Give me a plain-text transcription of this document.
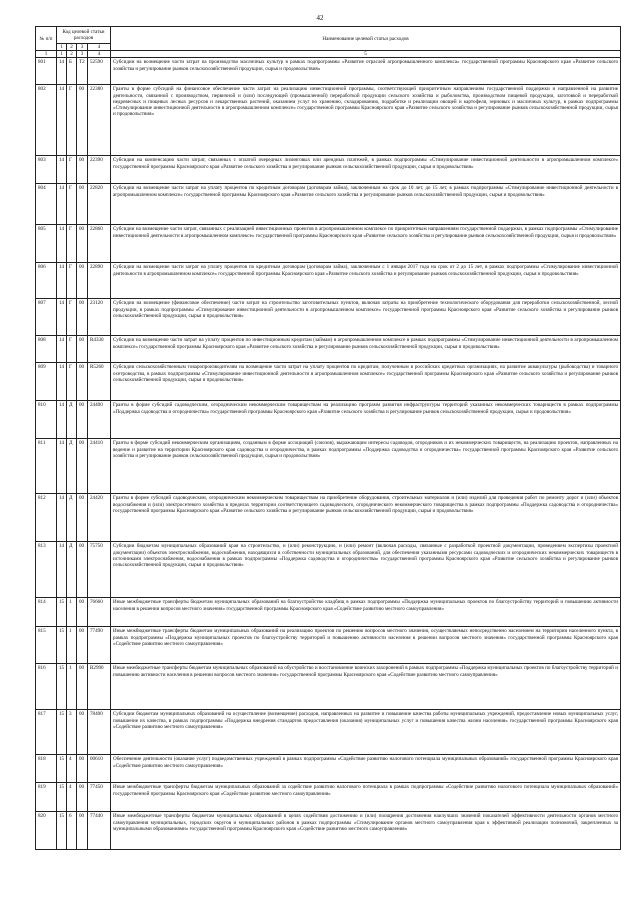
42
№ п/п	Код целевой статьи расходов				Наименование целевой статьи расходов
	1	2	3	4	
1	1	2	3	4	5
801	14	Б	Т2	52590	Субсидии на возмещение части затрат на производство масличных культур в рамках подпрограммы «Развитие отраслей агропромышленного комплекса» государственной программы Красноярского края «Развитие сельского хозяйства и регулирование рынков сельскохозяйственной продукции, сырья и продовольствия»
802	14	Г	00	22380	Гранты в форме субсидий на финансовое обеспечение части затрат на реализацию инвестиционной программы, соответствующей приоритетным направлениям государственной поддержки и направленной на развитие деятельности, связанной с производством, первичной и (или) последующей (промышленной) переработкой продукции сельского хозяйства и рыболовства, производством пищевой продукции, заготовкой и переработкой недревесных и пищевых лесных ресурсов и лекарственных растений, оказанием услуг по хранению, складированию, подработке и реализации овощей и картофеля, зерновых и масличных культур, в рамках подпрограммы «Стимулирование инвестиционной деятельности в агропромышленном комплексе» государственной программы Красноярского края «Развитие сельского хозяйства и регулирование рынков сельскохозяйственной продукции, сырья и продовольствия»
803	14	Г	00	22390	Субсидии на компенсацию части затрат, связанных с оплатой очередных лизинговых или арендных платежей, в рамках подпрограммы «Стимулирование инвестиционной деятельности в агропромышленном комплексе» государственной программы Красноярского края «Развитие сельского хозяйства и регулирование рынков сельскохозяйственной продукции, сырья и продовольствия»
804	14	Г	00	22820	Субсидии на возмещение части затрат на уплату процентов по кредитным договорам (договорам займа), заключенным на срок до 10 лет, до 15 лет, в рамках подпрограммы «Стимулирование инвестиционной деятельности в агропромышленном комплексе» государственной программы Красноярского края «Развитие сельского хозяйства и регулирование рынков сельскохозяйственной продукции, сырья и продовольствия»
805	14	Г	00	22860	Субсидии на возмещение части затрат, связанных с реализацией инвестиционных проектов в агропромышленном комплексе по приоритетным направлениям государственной поддержки, в рамках подпрограммы «Стимулирование инвестиционной деятельности в агропромышленном комплексе» государственной программы Красноярского края «Развитие сельского хозяйства и регулирование рынков сельскохозяйственной продукции, сырья и продовольствия»
806	14	Г	00	22890	Субсидии на возмещение части затрат на уплату процентов по кредитным договорам (договорам займа), заключенным с 1 января 2017 года на срок от 2 до 15 лет, в рамках подпрограммы «Стимулирование инвестиционной деятельности в агропромышленном комплексе» государственной программы Красноярского края «Развитие сельского хозяйства и регулирование рынков сельскохозяйственной продукции, сырья и продовольствия»
807	14	Г	00	23120	Субсидии на возмещение (финансовое обеспечение) части затрат на строительство заготовительных пунктов, включая затраты на приобретение технологического оборудования для переработки сельскохозяйственной, лесной продукции, в рамках подпрограммы «Стимулирование инвестиционной деятельности в агропромышленном комплексе» государственной программы Красноярского края «Развитие сельского хозяйства и регулирование рынков сельскохозяйственной продукции, сырья и продовольствия»
808	14	Г	00	R4330	Субсидии на возмещение части затрат на уплату процентов по инвестиционным кредитам (займам) в агропромышленном комплексе в рамках подпрограммы «Стимулирование инвестиционной деятельности в агропромышленном комплексе» государственной программы Красноярского края «Развитие сельского хозяйства и регулирование рынков сельскохозяйственной продукции, сырья и продовольствия»
809	14	Г	00	R5260	Субсидии сельскохозяйственным товаропроизводителям на возмещение части затрат на уплату процентов по кредитам, полученным в российских кредитных организациях, на развитие аквакультуры (рыбоводства) и товарного осетроводства, в рамках подпрограммы «Стимулирование инвестиционной деятельности в агропромышленном комплексе» государственной программы Красноярского края «Развитие сельского хозяйства и регулирование рынков сельскохозяйственной продукции, сырья и продовольствия»
810	14	Д	00	24400	Гранты в форме субсидий садоводческим, огородническим некоммерческим товариществам на реализацию программ развития инфраструктуры территорий указанных некоммерческих товариществ в рамках подпрограммы «Поддержка садоводства и огородничества» государственной программы Красноярского края «Развитие сельского хозяйства и регулирование рынков сельскохозяйственной продукции, сырья и продовольствия»
811	14	Д	00	24410	Гранты в форме субсидий некоммерческим организациям, созданным в форме ассоциаций (союзов), выражающим интересы садоводов, огородников и их некоммерческих товариществ, на реализацию проектов, направленных на ведение и развитие на территории Красноярского края садоводства и огородничества, в рамках подпрограммы «Поддержка садоводства и огородничества» государственной программы Красноярского края «Развитие сельского хозяйства и регулирование рынков сельскохозяйственной продукции, сырья и продовольствия»
812	14	Д	00	24420	Гранты в форме субсидий садоводческим, огородническим некоммерческим товариществам на приобретение оборудования, строительных материалов и (или) изделий для проведения работ по ремонту дорог и (или) объектов водоснабжения и (или) электросетевого хозяйства в пределах территории соответствующего садоводческого, огороднического некоммерческого товарищества в рамках подпрограммы «Поддержка садоводства и огородничества» государственной программы Красноярского края «Развитие сельского хозяйства и регулирование рынков сельскохозяйственной продукции, сырья и продовольствия»
813	14	Д	00	75750	Субсидии бюджетам муниципальных образований края на строительство, и (или) реконструкцию, и (или) ремонт (включая расходы, связанные с разработкой проектной документации, проведением экспертизы проектной документации) объектов электроснабжения, водоснабжения, находящихся в собственности муниципальных образований, для обеспечения указанными ресурсами садоводческих и огороднических некоммерческих товариществ в источниками электроснабжения, водоснабжения в рамках подпрограммы «Поддержка садоводства и огородничества» государственной программы Красноярского края «Развитие сельского хозяйства и регулирование рынков сельскохозяйственной продукции, сырья и продовольствия»
814	15	1	00	76660	Иные межбюджетные трансферты бюджетам муниципальных образований на благоустройство кладбищ в рамках подпрограммы «Поддержка муниципальных проектов по благоустройству территорий и повышению активности населения в решении вопросов местного значения» государственной программы Красноярского края «Содействие развитию местного самоуправления»
815	15	1	00	77490	Иные межбюджетные трансферты бюджетам муниципальных образований на реализацию проектов по решению вопросов местного значения, осуществляемых непосредственно населением на территории населенного пункта, в рамках подпрограммы «Поддержка муниципальных проектов по благоустройству территорий и повышению активности населения в решении вопросов местного значения» государственной программы Красноярского края «Содействие развитию местного самоуправления»
816	15	1	00	R2990	Иные межбюджетные трансферты бюджетам муниципальных образований на обустройство и восстановление воинских захоронений в рамках подпрограммы «Поддержка муниципальных проектов по благоустройству территорий и повышению активности населения в решении вопросов местного значения» государственной программы Красноярского края «Содействие развитию местного самоуправления»
817	15	3	00	78400	Субсидии бюджетам муниципальных образований на осуществление (возмещение) расходов, направленных на развитие и повышение качества работы муниципальных учреждений, предоставление новых муниципальных услуг, повышение их качества, в рамках подпрограммы «Поддержка внедрения стандартов предоставления (оказания) муниципальных услуг и повышения качества жизни населения» государственной программы Красноярского края «Содействие развитию местного самоуправления»
818	15	4	00	00610	Обеспечение деятельности (оказание услуг) подведомственных учреждений в рамках подпрограммы «Содействие развитию налогового потенциала муниципальных образований» государственной программы Красноярского края «Содействие развитию местного самоуправления»
819	15	4	00	77450	Иные межбюджетные трансферты бюджетам муниципальных образований за содействие развитию налогового потенциала в рамках подпрограммы «Содействие развитию налогового потенциала муниципальных образований» государственной программы Красноярского края «Содействие развитию местного самоуправления»
820	15	6	00	77440	Иные межбюджетные трансферты бюджетам муниципальных образований в целях содействия достижению и (или) поощрения достижения наилучших значений показателей эффективности деятельности органов местного самоуправления муниципальных, городских округов и муниципальных районов в рамках подпрограммы «Стимулирование органов местного самоуправления края к эффективной реализации полномочий, закрепленных за муниципальными образованиями» государственной программы Красноярского края «Содействие развитию местного самоуправления»
